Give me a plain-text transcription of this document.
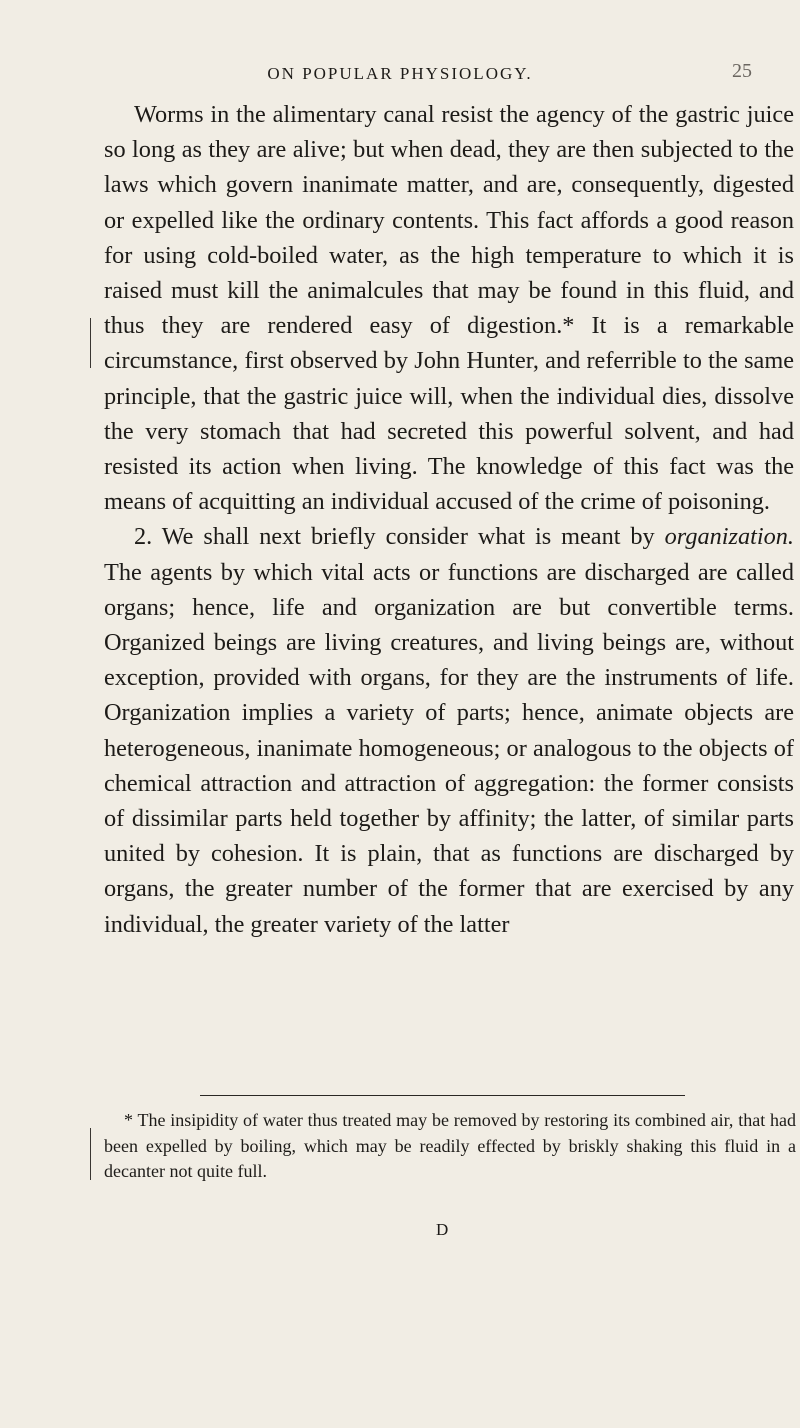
ON POPULAR PHYSIOLOGY.	25

Worms in the alimentary canal resist the agency of the gastric juice so long as they are alive; but when dead, they are then subjected to the laws which govern inanimate matter, and are, consequently, digested or expelled like the ordinary contents. This fact affords a good reason for using cold-boiled water, as the high temperature to which it is raised must kill the animalcules that may be found in this fluid, and thus they are rendered easy of digestion.* It is a remarkable circumstance, first observed by John Hunter, and referrible to the same principle, that the gastric juice will, when the individual dies, dissolve the very stomach that had secreted this powerful solvent, and had resisted its action when living. The knowledge of this fact was the means of acquitting an individual accused of the crime of poisoning.

2. We shall next briefly consider what is meant by organization. The agents by which vital acts or functions are discharged are called organs; hence, life and organization are but convertible terms. Organized beings are living creatures, and living beings are, without exception, provided with organs, for they are the instruments of life. Organization implies a variety of parts; hence, animate objects are heterogeneous, inanimate homogeneous; or analogous to the objects of chemical attraction and attraction of aggregation: the former consists of dissimilar parts held together by affinity; the latter, of similar parts united by cohesion. It is plain, that as functions are discharged by organs, the greater number of the former that are exercised by any individual, the greater variety of the latter

* The insipidity of water thus treated may be removed by restoring its combined air, that had been expelled by boiling, which may be readily effected by briskly shaking this fluid in a decanter not quite full.

D
